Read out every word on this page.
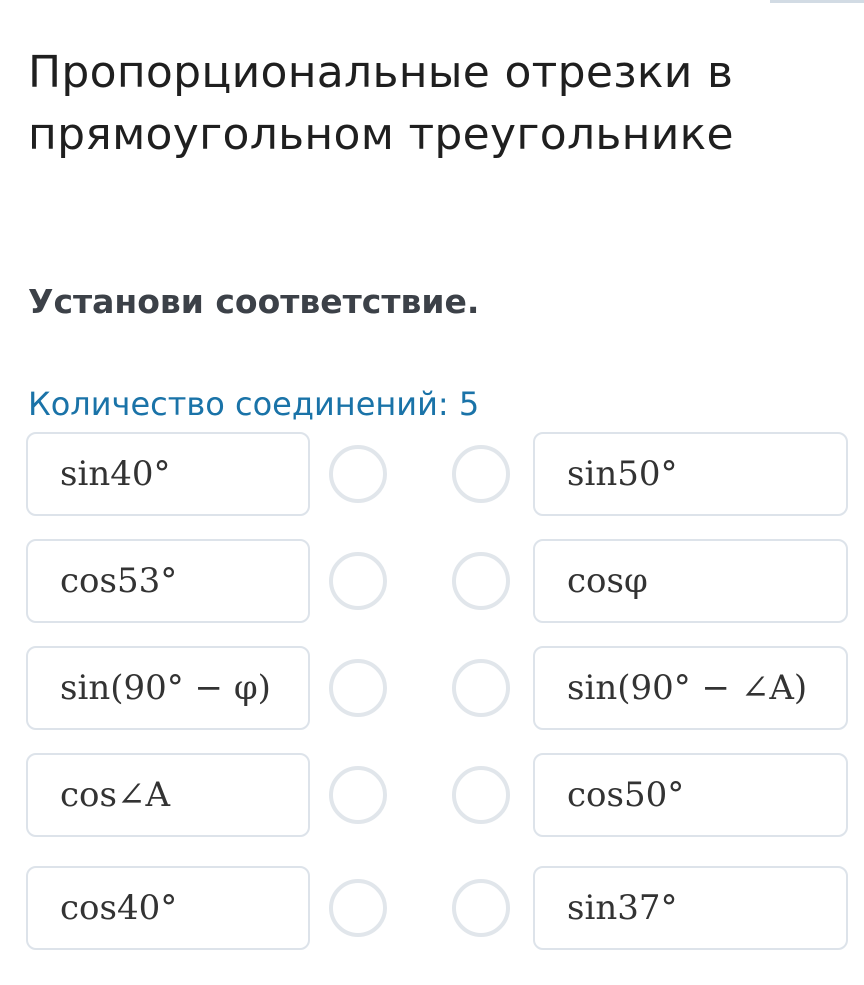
Пропорциональные отрезки в прямоугольном треугольнике
Установи соответствие.
Количество соединений: 5
sin40°	sin50°
cos53°	cosφ
sin(90° − φ)	sin(90° − ∠A)
cos∠A	cos50°
cos40°	sin37°
